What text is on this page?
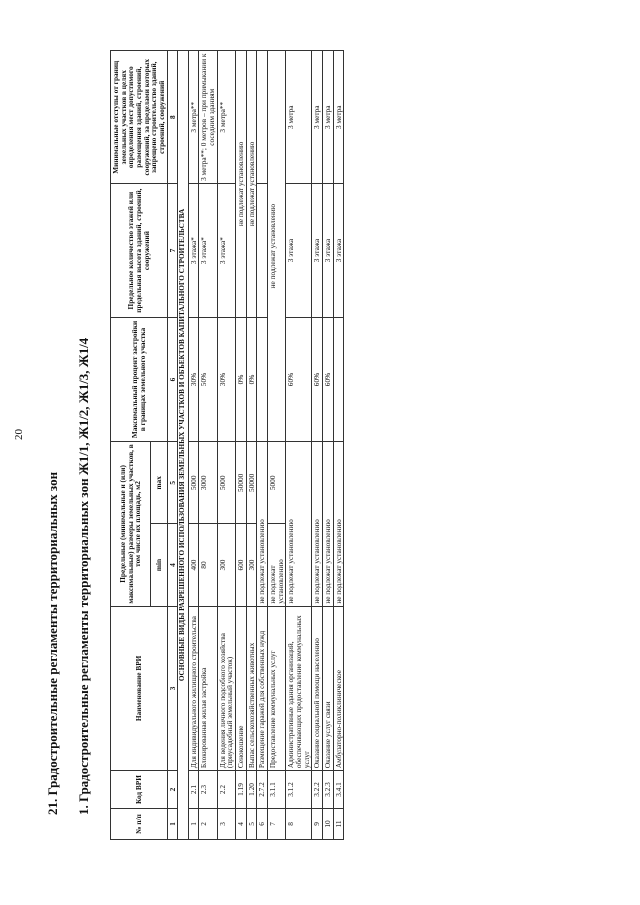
20
21. Градостроительные регламенты территориальных зон 1. Градостроительные регламенты территориальных зон Ж1/1, Ж1/2, Ж1/3, Ж1/4
№ п/п	Код ВРИ	Наименование ВРИ	Предельные (минимальные и (или) максимальные) размеры земельных участков, в том числе их площадь, м2		Максимальный процент застройки в границах земельного участка	Предельное количество этажей или предельная высота зданий, строений, сооружений	Минимальные отступы от границ земельных участков в целях определения мест допустимого размещения зданий, строений, сооружений, за пределами которых запрещено строительство зданий, строений, сооружений
			min	max			
1	2	3	4	5	6	7	8
ОСНОВНЫЕ ВИДЫ РАЗРЕШЕННОГО ИСПОЛЬЗОВАНИЯ ЗЕМЕЛЬНЫХ УЧАСТКОВ И ОБЪЕКТОВ КАПИТАЛЬНОГО СТРОИТЕЛЬСТВА							
1	2.1	Для индивидуального жилищного строительства	400	5000	30%	3 этажа*	3 метра**
2	2.3	Блокированная жилая застройка	80	3000	50%	3 этажа*	3 метра**; 0 метров – при примыкании к соседним зданиям
3	2.2	Для ведения личного подсобного хозяйства (приусадебный земельный участок)	300	5000	30%	3 этажа*	3 метра**
4	1.19	Сенокошение	600	50000	0%	не подлежат установлению	
5	1.20	Выпас сельскохозяйственных животных	300	50000	0%	не подлежат установлению	
6	2.7.2	Размещение гаражей для собственных нужд	не подлежат установлению				
7	3.1.1	Предоставление коммунальных услуг	не подлежат установлению	5000	не подлежат установлению		
8	3.1.2	Административные здания организаций, обеспечивающих предоставление коммунальных услуг	не подлежат установлению		60%	3 этажа	3 метра
9	3.2.2	Оказание социальной помощи населению	не подлежат установлению		60%	3 этажа	3 метра
10	3.2.3	Оказание услуг связи	не подлежат установлению		60%	3 этажа	3 метра
11	3.4.1	Амбулаторно-поликлиническое	не подлежат установлению			3 этажа	3 метра
